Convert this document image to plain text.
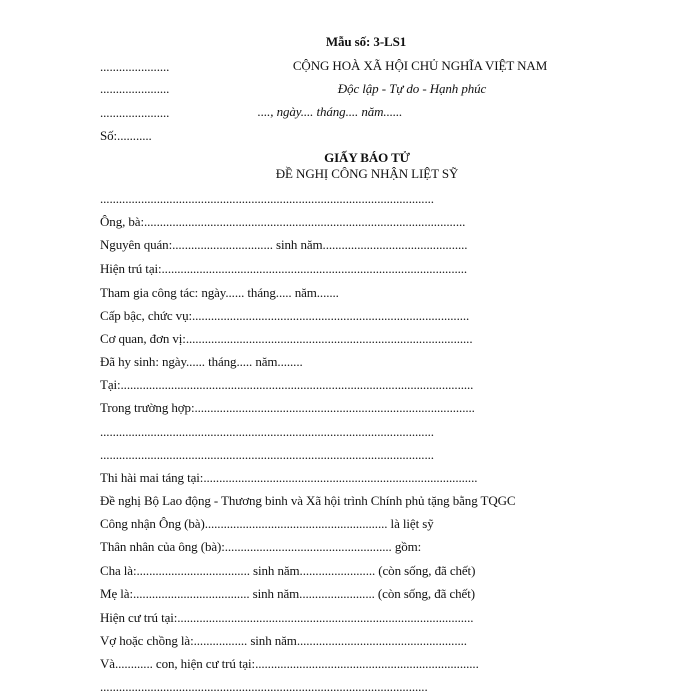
Mẫu số: 3-LS1
......................
......................
......................
Số:...........
CỘNG HOÀ XÃ HỘI CHỦ NGHĨA VIỆT NAM
Độc lập - Tự do - Hạnh phúc
...., ngày.... tháng.... năm......
GIẤY BÁO TỬ
ĐỀ NGHỊ CÔNG NHẬN LIỆT SỸ
..........................................................................................................
Ông, bà:......................................................................................................
Nguyên quán:................................ sinh năm..............................................
Hiện trú tại:.................................................................................................
Tham gia công tác: ngày...... tháng..... năm.......
Cấp bậc, chức vụ:........................................................................................
Cơ quan, đơn vị:...........................................................................................
Đã hy sinh: ngày...... tháng..... năm........
Tại:................................................................................................................
Trong trường hợp:.........................................................................................
..........................................................................................................
..........................................................................................................
Thi hài mai táng tại:.......................................................................................
Đề nghị Bộ Lao động - Thương binh và Xã hội trình Chính phủ tặng bằng TQGC
Công nhận Ông (bà).......................................................... là liệt sỹ
Thân nhân của ông (bà):..................................................... gồm:
Cha là:.................................... sinh năm........................ (còn sống, đã chết)
Mẹ là:..................................... sinh năm........................ (còn sống, đã chết)
Hiện cư trú tại:..............................................................................................
Vợ hoặc chồng là:................. sinh năm......................................................
Và............ con, hiện cư trú tại:.......................................................................
........................................................................................................
